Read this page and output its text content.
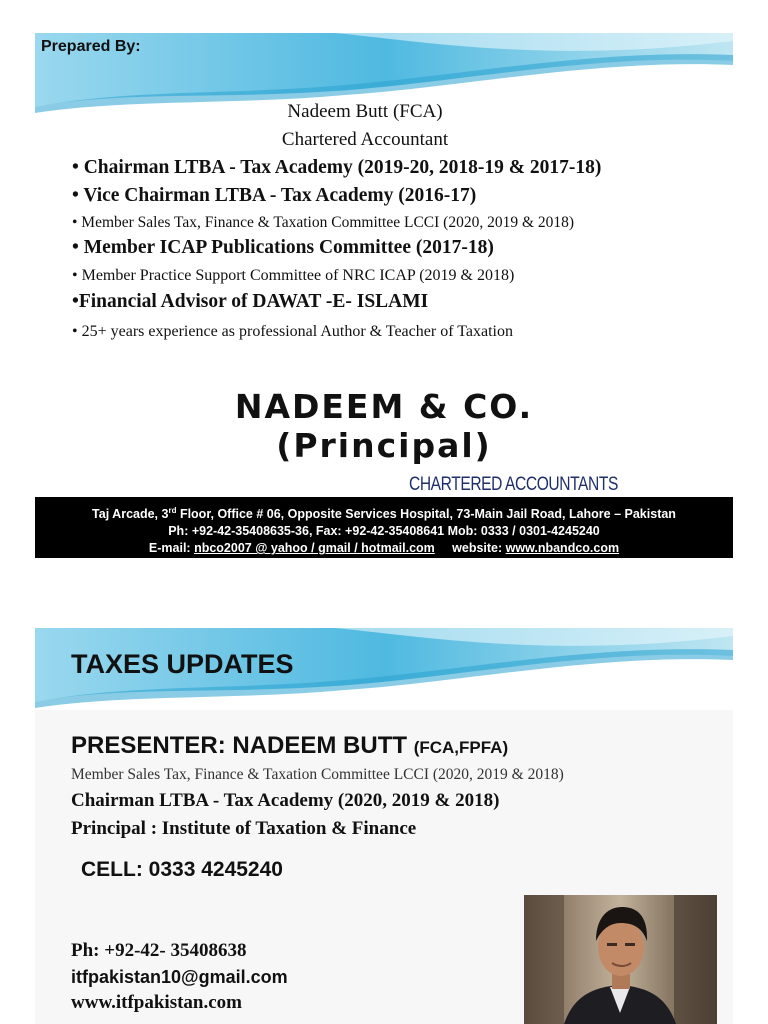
Prepared By:
Nadeem Butt (FCA)
Chartered Accountant
• Chairman LTBA - Tax Academy (2019-20, 2018-19 & 2017-18)
• Vice Chairman LTBA - Tax Academy (2016-17)
• Member Sales Tax, Finance & Taxation Committee LCCI (2020, 2019 & 2018)
• Member ICAP Publications Committee (2017-18)
• Member Practice Support Committee of NRC ICAP (2019 & 2018)
•Financial Advisor of DAWAT -E- ISLAMI
• 25+ years experience as professional Author & Teacher of Taxation
NADEEM & CO.
(Principal)
CHARTERED ACCOUNTANTS
Taj Arcade, 3rd Floor, Office # 06, Opposite Services Hospital, 73-Main Jail Road, Lahore – Pakistan
Ph: +92-42-35408635-36, Fax: +92-42-35408641 Mob: 0333 / 0301-4245240
E-mail: nbco2007 @ yahoo / gmail / hotmail.com website: www.nbandco.com
TAXES UPDATES
PRESENTER: NADEEM BUTT (FCA,FPFA)
Member Sales Tax, Finance & Taxation Committee LCCI (2020, 2019 & 2018)
Chairman LTBA - Tax Academy (2020, 2019 & 2018)
Principal : Institute of Taxation & Finance
CELL: 0333 4245240
Ph: +92-42- 35408638
itfpakistan10@gmail.com
www.itfpakistan.com
